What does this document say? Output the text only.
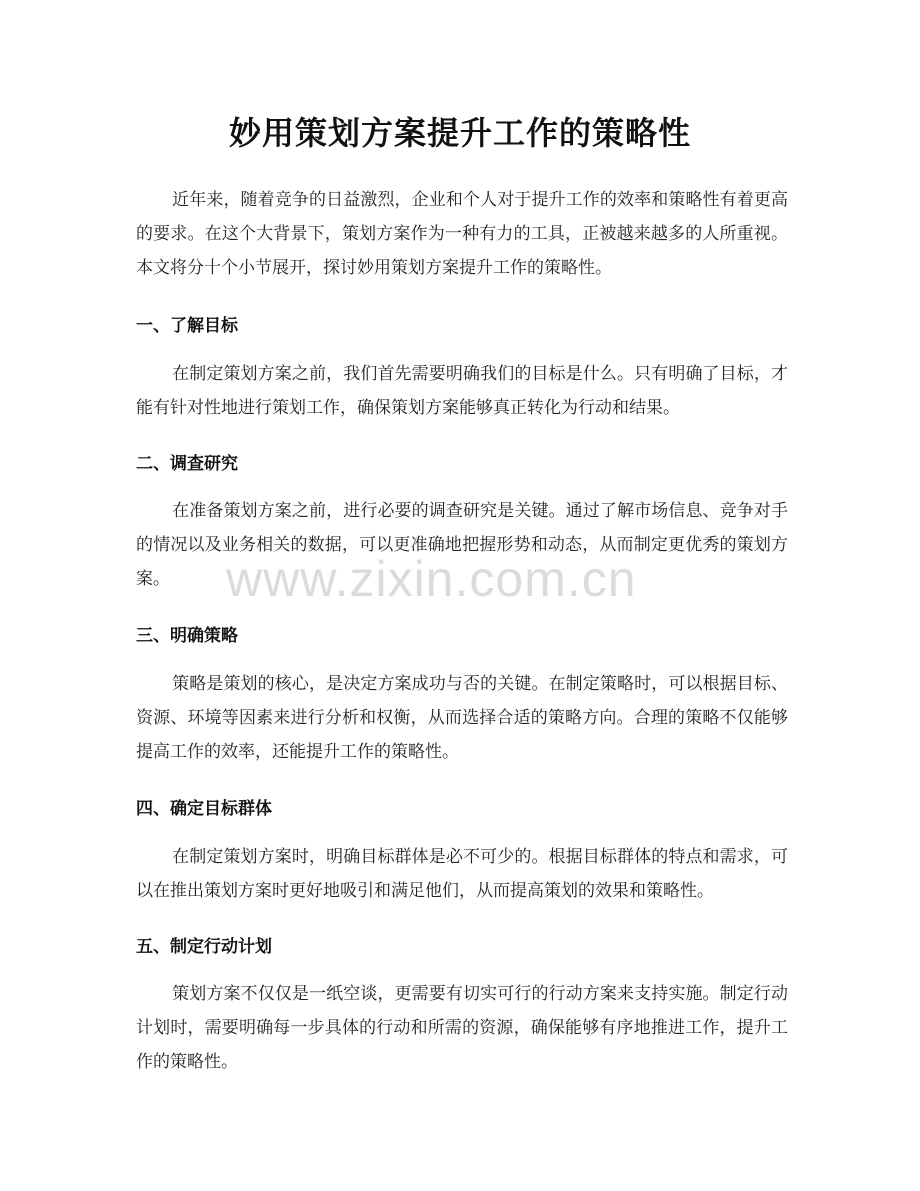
妙用策划方案提升工作的策略性
近年来，随着竞争的日益激烈，企业和个人对于提升工作的效率和策略性有着更高的要求。在这个大背景下，策划方案作为一种有力的工具，正被越来越多的人所重视。本文将分十个小节展开，探讨妙用策划方案提升工作的策略性。
一、了解目标
在制定策划方案之前，我们首先需要明确我们的目标是什么。只有明确了目标，才能有针对性地进行策划工作，确保策划方案能够真正转化为行动和结果。
二、调查研究
在准备策划方案之前，进行必要的调查研究是关键。通过了解市场信息、竞争对手的情况以及业务相关的数据，可以更准确地把握形势和动态，从而制定更优秀的策划方案。
三、明确策略
策略是策划的核心，是决定方案成功与否的关键。在制定策略时，可以根据目标、资源、环境等因素来进行分析和权衡，从而选择合适的策略方向。合理的策略不仅能够提高工作的效率，还能提升工作的策略性。
四、确定目标群体
在制定策划方案时，明确目标群体是必不可少的。根据目标群体的特点和需求，可以在推出策划方案时更好地吸引和满足他们，从而提高策划的效果和策略性。
五、制定行动计划
策划方案不仅仅是一纸空谈，更需要有切实可行的行动方案来支持实施。制定行动计划时，需要明确每一步具体的行动和所需的资源，确保能够有序地推进工作，提升工作的策略性。
www.zixin.com.cn
